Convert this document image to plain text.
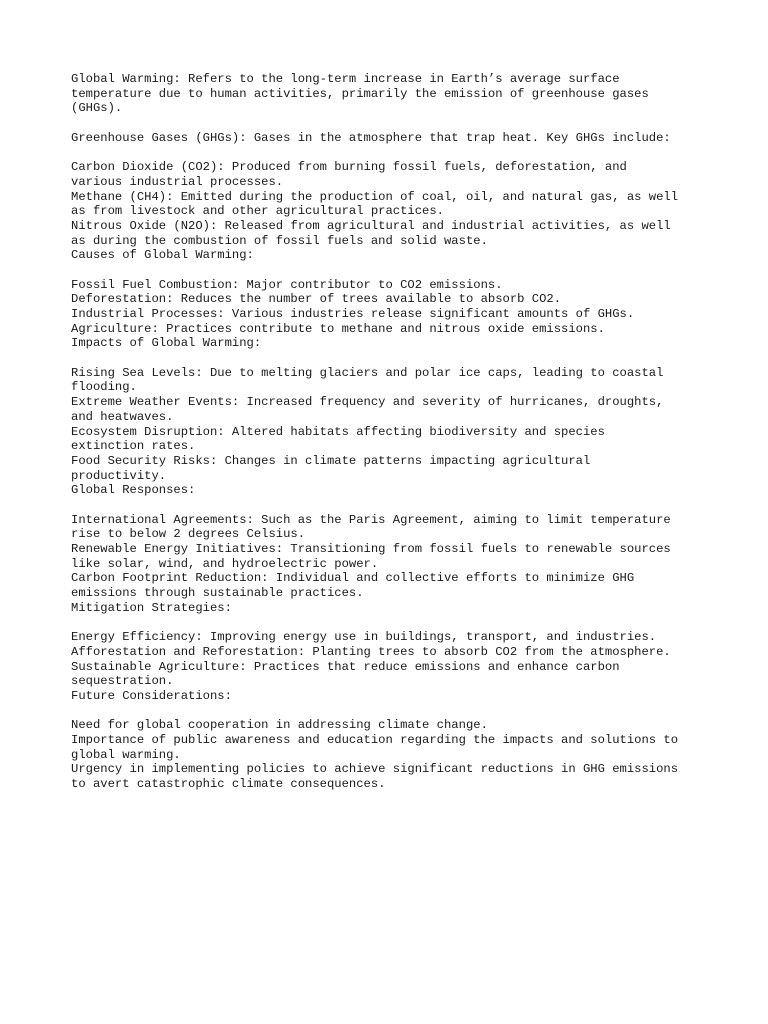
Global Warming: Refers to the long-term increase in Earth’s average surface
temperature due to human activities, primarily the emission of greenhouse gases
(GHGs).
Greenhouse Gases (GHGs): Gases in the atmosphere that trap heat. Key GHGs include:
Carbon Dioxide (CO2): Produced from burning fossil fuels, deforestation, and
various industrial processes.
Methane (CH4): Emitted during the production of coal, oil, and natural gas, as well
as from livestock and other agricultural practices.
Nitrous Oxide (N2O): Released from agricultural and industrial activities, as well
as during the combustion of fossil fuels and solid waste.
Causes of Global Warming:
Fossil Fuel Combustion: Major contributor to CO2 emissions.
Deforestation: Reduces the number of trees available to absorb CO2.
Industrial Processes: Various industries release significant amounts of GHGs.
Agriculture: Practices contribute to methane and nitrous oxide emissions.
Impacts of Global Warming:
Rising Sea Levels: Due to melting glaciers and polar ice caps, leading to coastal
flooding.
Extreme Weather Events: Increased frequency and severity of hurricanes, droughts,
and heatwaves.
Ecosystem Disruption: Altered habitats affecting biodiversity and species
extinction rates.
Food Security Risks: Changes in climate patterns impacting agricultural
productivity.
Global Responses:
International Agreements: Such as the Paris Agreement, aiming to limit temperature
rise to below 2 degrees Celsius.
Renewable Energy Initiatives: Transitioning from fossil fuels to renewable sources
like solar, wind, and hydroelectric power.
Carbon Footprint Reduction: Individual and collective efforts to minimize GHG
emissions through sustainable practices.
Mitigation Strategies:
Energy Efficiency: Improving energy use in buildings, transport, and industries.
Afforestation and Reforestation: Planting trees to absorb CO2 from the atmosphere.
Sustainable Agriculture: Practices that reduce emissions and enhance carbon
sequestration.
Future Considerations:
Need for global cooperation in addressing climate change.
Importance of public awareness and education regarding the impacts and solutions to
global warming.
Urgency in implementing policies to achieve significant reductions in GHG emissions
to avert catastrophic climate consequences.
